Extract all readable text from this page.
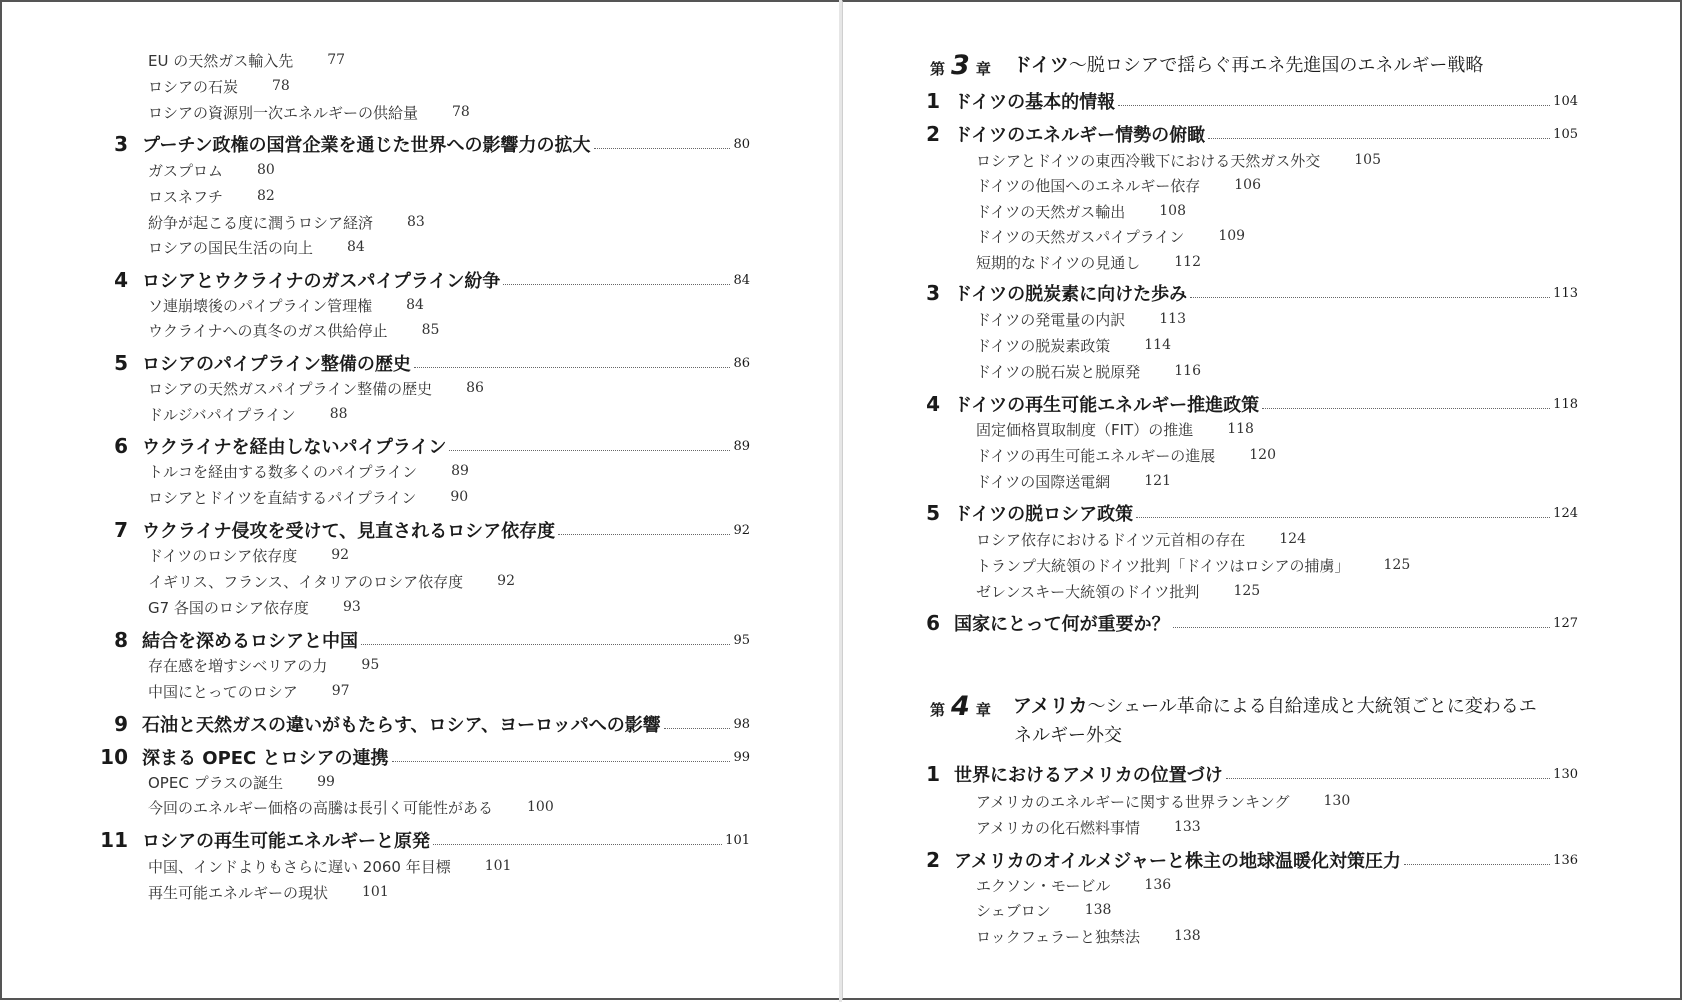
EU の天然ガス輸入先 77
ロシアの石炭 78
ロシアの資源別一次エネルギーの供給量 78
3 プーチン政権の国営企業を通じた世界への影響力の拡大	80
ガスプロム 80
ロスネフチ 82
紛争が起こる度に潤うロシア経済 83
ロシアの国民生活の向上 84
4 ロシアとウクライナのガスパイプライン紛争	84
ソ連崩壊後のパイプライン管理権 84
ウクライナへの真冬のガス供給停止 85
5 ロシアのパイプライン整備の歴史	86
ロシアの天然ガスパイプライン整備の歴史 86
ドルジバパイプライン 88
6 ウクライナを経由しないパイプライン	89
トルコを経由する数多くのパイプライン 89
ロシアとドイツを直結するパイプライン 90
7 ウクライナ侵攻を受けて、見直されるロシア依存度	92
ドイツのロシア依存度 92
イギリス、フランス、イタリアのロシア依存度 92
G7 各国のロシア依存度 93
8 結合を深めるロシアと中国	95
存在感を増すシベリアの力 95
中国にとってのロシア 97
9 石油と天然ガスの違いがもたらす、ロシア、ヨーロッパへの影響	98
10 深まる OPEC とロシアの連携	99
OPEC プラスの誕生 99
今回のエネルギー価格の高騰は長引く可能性がある 100
11 ロシアの再生可能エネルギーと原発	101
中国、インドよりもさらに遅い 2060 年目標 101
再生可能エネルギーの現状 101
第 3 章 ドイツ〜脱ロシアで揺らぐ再エネ先進国のエネルギー戦略
1 ドイツの基本的情報	104
2 ドイツのエネルギー情勢の俯瞰	105
ロシアとドイツの東西冷戦下における天然ガス外交 105
ドイツの他国へのエネルギー依存 106
ドイツの天然ガス輸出 108
ドイツの天然ガスパイプライン 109
短期的なドイツの見通し 112
3 ドイツの脱炭素に向けた歩み	113
ドイツの発電量の内訳 113
ドイツの脱炭素政策 114
ドイツの脱石炭と脱原発 116
4 ドイツの再生可能エネルギー推進政策	118
固定価格買取制度（FIT）の推進 118
ドイツの再生可能エネルギーの進展 120
ドイツの国際送電網 121
5 ドイツの脱ロシア政策	124
ロシア依存におけるドイツ元首相の存在 124
トランプ大統領のドイツ批判「ドイツはロシアの捕虜」 125
ゼレンスキー大統領のドイツ批判 125
6 国家にとって何が重要か？	127
第 4 章 アメリカ〜シェール革命による自給達成と大統領ごとに変わるエ
ネルギー外交
1 世界におけるアメリカの位置づけ	130
アメリカのエネルギーに関する世界ランキング 130
アメリカの化石燃料事情 133
2 アメリカのオイルメジャーと株主の地球温暖化対策圧力	136
エクソン・モービル 136
シェブロン 138
ロックフェラーと独禁法 138
